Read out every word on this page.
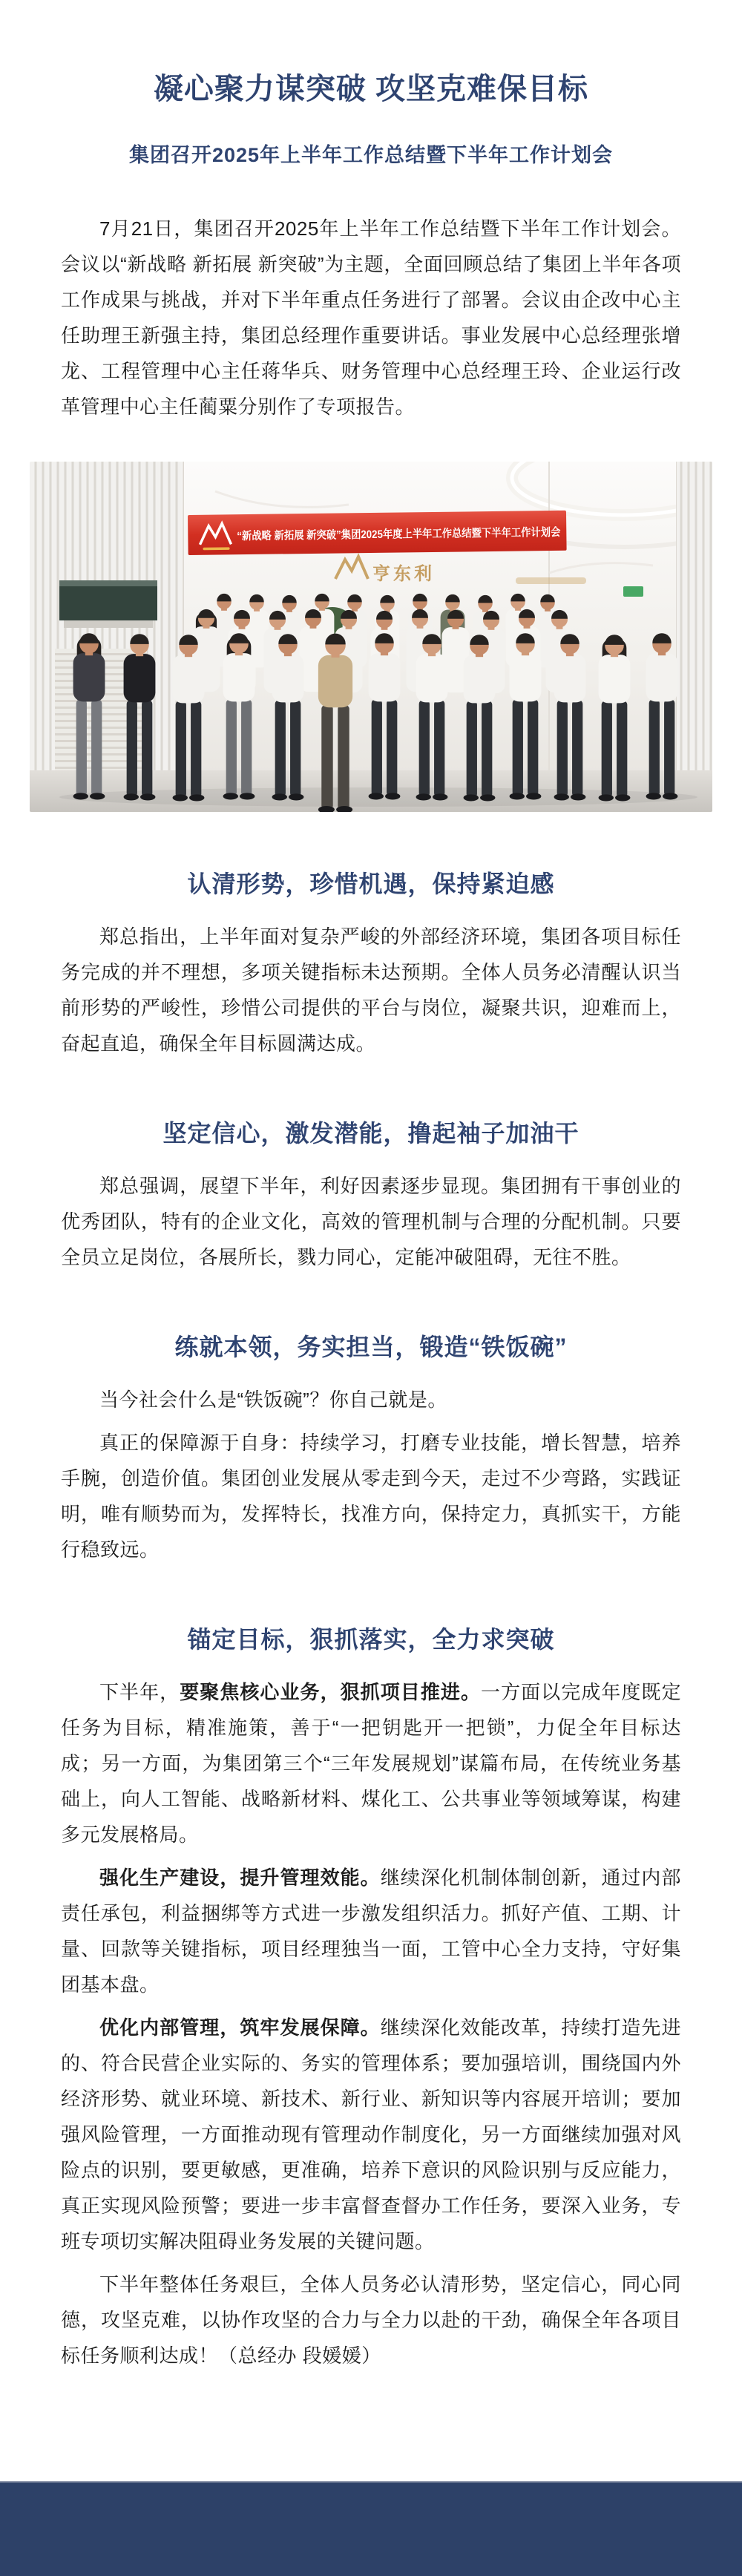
凝心聚力谋突破 攻坚克难保目标
集团召开2025年上半年工作总结暨下半年工作计划会

7月21日，集团召开2025年上半年工作总结暨下半年工作计划会。会议以“新战略 新拓展 新突破”为主题，全面回顾总结了集团上半年各项工作成果与挑战，并对下半年重点任务进行了部署。会议由企改中心主任助理王新强主持，集团总经理作重要讲话。事业发展中心总经理张增龙、工程管理中心主任蒋华兵、财务管理中心总经理王玲、企业运行改革管理中心主任蔺粟分别作了专项报告。

亨东利
“新战略 新拓展 新突破”集团2025年度上半年工作总结暨下半年工作计划会
认清形势，珍惜机遇，保持紧迫感

郑总指出，上半年面对复杂严峻的外部经济环境，集团各项目标任务完成的并不理想，多项关键指标未达预期。全体人员务必清醒认识当前形势的严峻性，珍惜公司提供的平台与岗位，凝聚共识，迎难而上，奋起直追，确保全年目标圆满达成。

坚定信心，激发潜能，撸起袖子加油干

郑总强调，展望下半年，利好因素逐步显现。集团拥有干事创业的优秀团队，特有的企业文化，高效的管理机制与合理的分配机制。只要全员立足岗位，各展所长，戮力同心，定能冲破阻碍，无往不胜。

练就本领，务实担当，锻造“铁饭碗”

当今社会什么是“铁饭碗”？你自己就是。

真正的保障源于自身：持续学习，打磨专业技能，增长智慧，培养手腕，创造价值。集团创业发展从零走到今天，走过不少弯路，实践证明，唯有顺势而为，发挥特长，找准方向，保持定力，真抓实干，方能行稳致远。

锚定目标，狠抓落实，全力求突破

下半年，要聚焦核心业务，狠抓项目推进。一方面以完成年度既定任务为目标，精准施策，善于“一把钥匙开一把锁”，力促全年目标达成；另一方面，为集团第三个“三年发展规划”谋篇布局，在传统业务基础上，向人工智能、战略新材料、煤化工、公共事业等领域筹谋，构建多元发展格局。

强化生产建设，提升管理效能。继续深化机制体制创新，通过内部责任承包，利益捆绑等方式进一步激发组织活力。抓好产值、工期、计量、回款等关键指标，项目经理独当一面，工管中心全力支持，守好集团基本盘。

优化内部管理，筑牢发展保障。继续深化效能改革，持续打造先进的、符合民营企业实际的、务实的管理体系；要加强培训，围绕国内外经济形势、就业环境、新技术、新行业、新知识等内容展开培训；要加强风险管理，一方面推动现有管理动作制度化，另一方面继续加强对风险点的识别，要更敏感，更准确，培养下意识的风险识别与反应能力，真正实现风险预警；要进一步丰富督查督办工作任务，要深入业务，专班专项切实解决阻碍业务发展的关键问题。

下半年整体任务艰巨，全体人员务必认清形势，坚定信心，同心同德，攻坚克难，以协作攻坚的合力与全力以赴的干劲，确保全年各项目标任务顺利达成！（总经办 段媛媛）
